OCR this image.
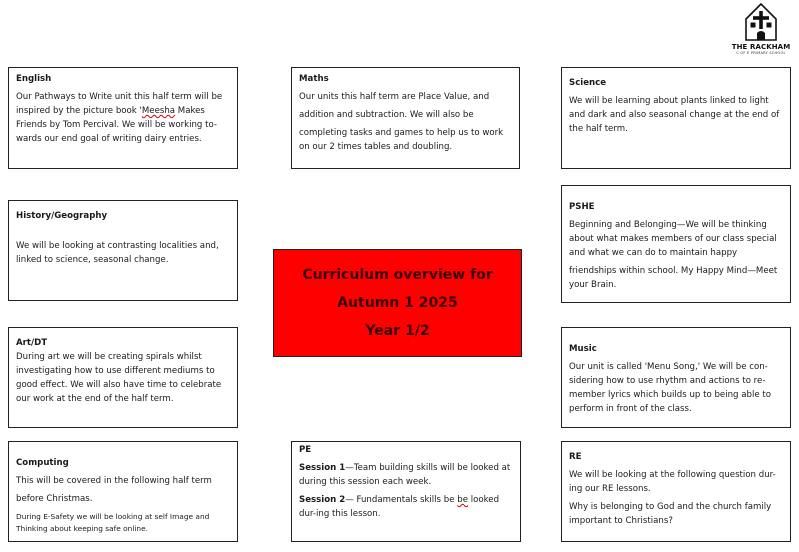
THE RACKHAM
C OF E PRIMARY SCHOOL
English
Our Pathways to Write unit this half term will be inspired by the picture book 'Meesha Makes Friends by Tom Percival. We will be working to-wards our end goal of writing dairy entries.
Maths
Our units this half term are Place Value, and
addition and subtraction. We will also be
completing tasks and games to help us to work on our 2 times tables and doubling.
Science
We will be learning about plants linked to light and dark and also seasonal change at the end of the half term.
History/Geography
We will be looking at contrasting localities and, linked to science, seasonal change.
PSHE
Beginning and Belonging—We will be thinking about what makes members of our class special and what we can do to maintain happy
friendships within school. My Happy Mind—Meet your Brain.
Curriculum overview for
Autumn 1 2025
Year 1/2
Art/DT
During art we will be creating spirals whilst investigating how to use different mediums to good effect. We will also have time to celebrate our work at the end of the half term.
Music
Our unit is called 'Menu Song,' We will be con-sidering how to use rhythm and actions to re-member lyrics which builds up to being able to perform in front of the class.
Computing
This will be covered in the following half term
before Christmas.
During E-Safety we will be looking at self Image and Thinking about keeping safe online.
PE
Session 1—Team building skills will be looked at during this session each week.
Session 2— Fundamentals skills be be looked dur-ing this lesson.
RE
We will be looking at the following question dur-ing our RE lessons.
Why is belonging to God and the church family important to Christians?
